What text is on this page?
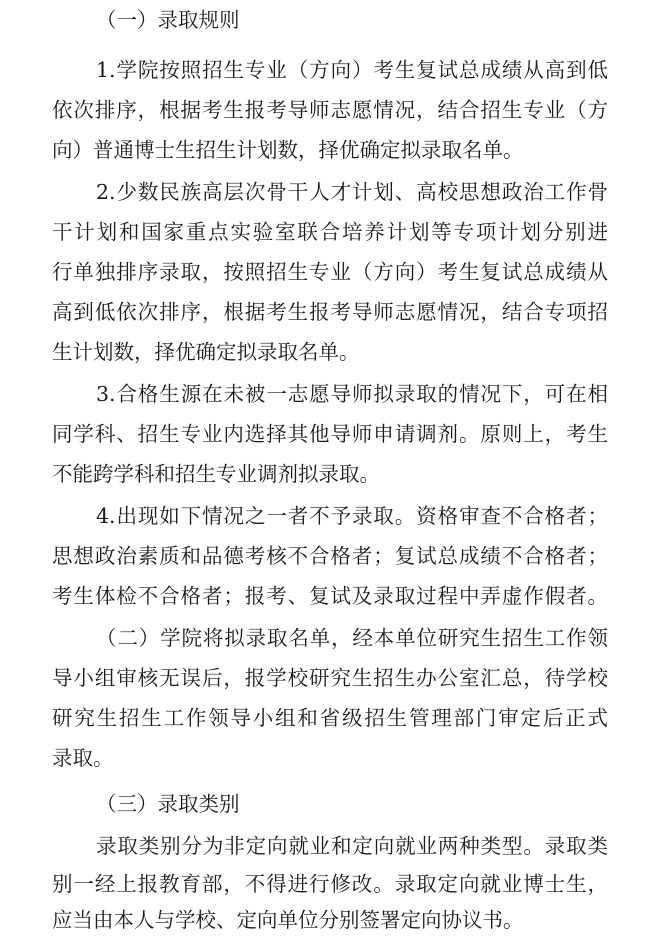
（一）录取规则
1.学院按照招生专业（方向）考生复试总成绩从高到低
依次排序，根据考生报考导师志愿情况，结合招生专业（方
向）普通博士生招生计划数，择优确定拟录取名单。
2.少数民族高层次骨干人才计划、高校思想政治工作骨
干计划和国家重点实验室联合培养计划等专项计划分别进
行单独排序录取，按照招生专业（方向）考生复试总成绩从
高到低依次排序，根据考生报考导师志愿情况，结合专项招
生计划数，择优确定拟录取名单。
3.合格生源在未被一志愿导师拟录取的情况下，可在相
同学科、招生专业内选择其他导师申请调剂。原则上，考生
不能跨学科和招生专业调剂拟录取。
4.出现如下情况之一者不予录取。资格审查不合格者；
思想政治素质和品德考核不合格者；复试总成绩不合格者；
考生体检不合格者；报考、复试及录取过程中弄虚作假者。
（二）学院将拟录取名单，经本单位研究生招生工作领
导小组审核无误后，报学校研究生招生办公室汇总，待学校
研究生招生工作领导小组和省级招生管理部门审定后正式
录取。
（三）录取类别
录取类别分为非定向就业和定向就业两种类型。录取类
别一经上报教育部，不得进行修改。录取定向就业博士生，
应当由本人与学校、定向单位分别签署定向协议书。
